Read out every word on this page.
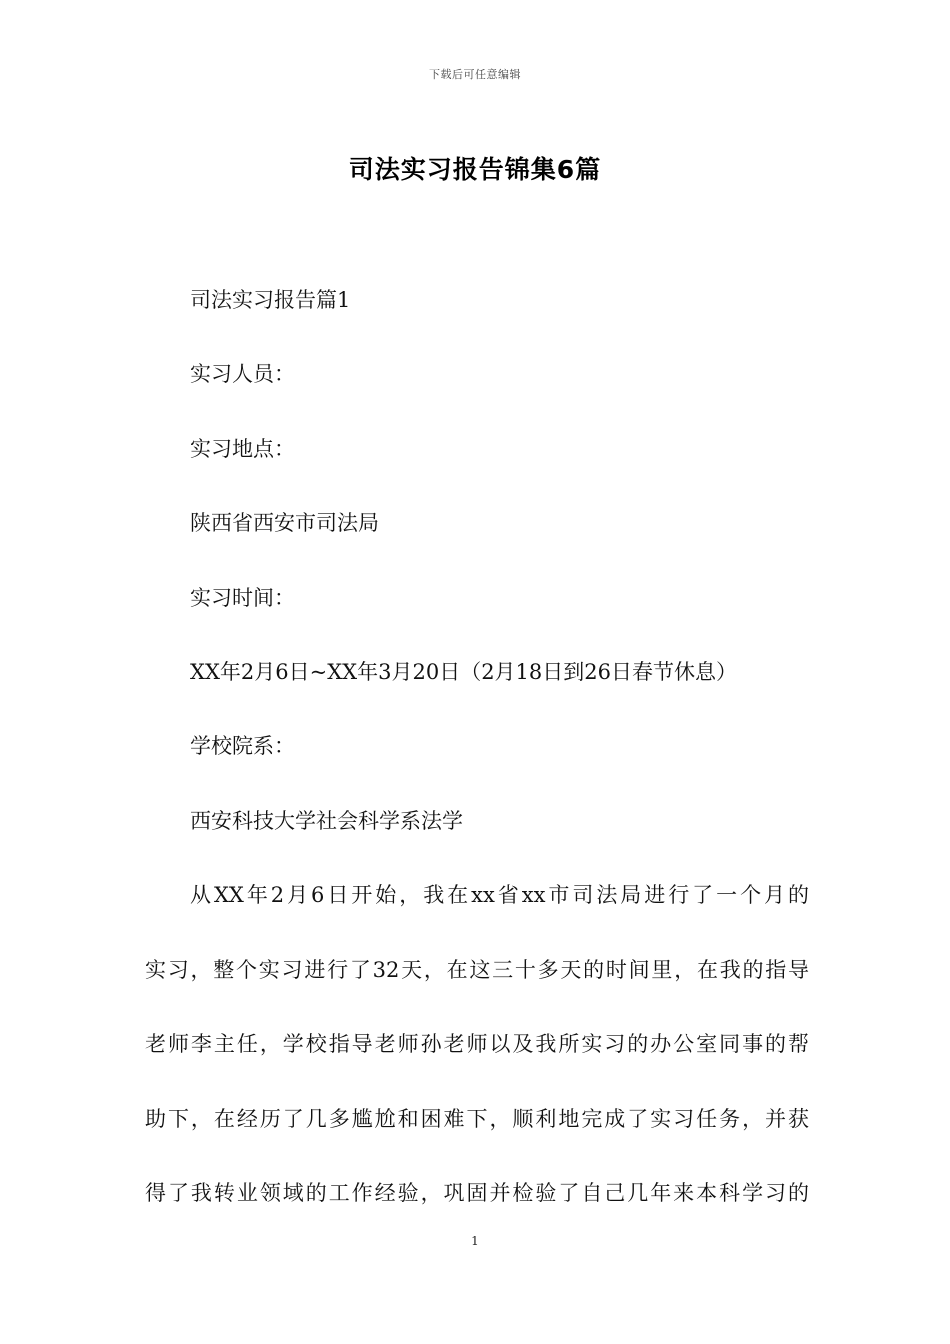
下载后可任意编辑
司法实习报告锦集6篇
司法实习报告篇1
实习人员：
实习地点：
陕西省西安市司法局
实习时间：
XX年2月6日~XX年3月20日（2月18日到26日春节休息）
学校院系：
西安科技大学社会科学系法学
从XX年2月6日开始，我在xx省xx市司法局进行了一个月的
实习，整个实习进行了32天，在这三十多天的时间里，在我的指导
老师李主任，学校指导老师孙老师以及我所实习的办公室同事的帮
助下，在经历了几多尴尬和困难下，顺利地完成了实习任务，并获
得了我转业领域的工作经验，巩固并检验了自己几年来本科学习的
1
